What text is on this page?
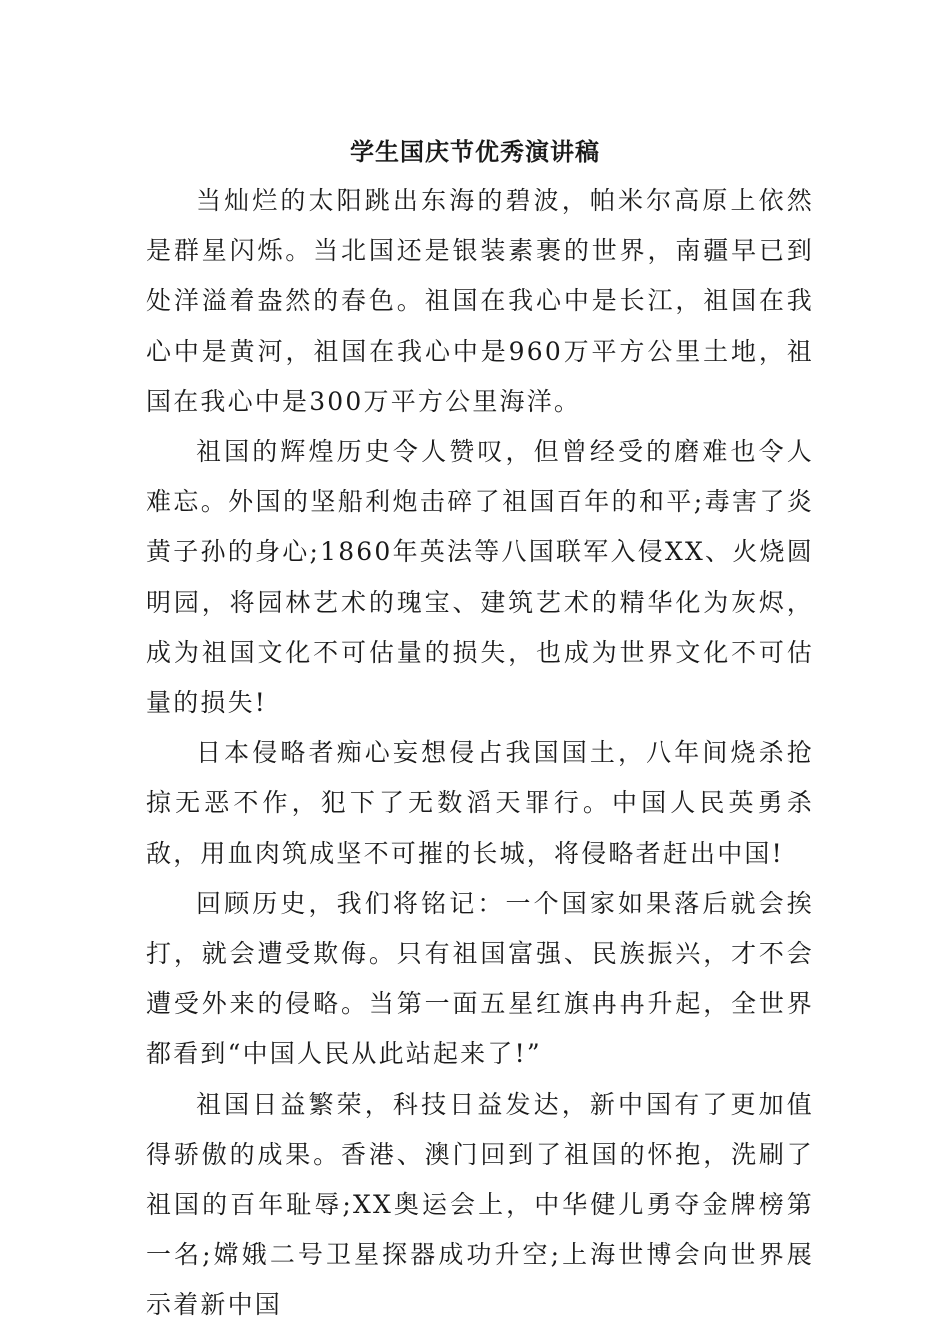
学生国庆节优秀演讲稿

当灿烂的太阳跳出东海的碧波，帕米尔高原上依然是群星闪烁。当北国还是银装素裹的世界，南疆早已到处洋溢着盎然的春色。祖国在我心中是长江，祖国在我心中是黄河，祖国在我心中是960万平方公里土地，祖国在我心中是300万平方公里海洋。

祖国的辉煌历史令人赞叹，但曾经受的磨难也令人难忘。外国的坚船利炮击碎了祖国百年的和平;毒害了炎黄子孙的身心;1860年英法等八国联军入侵XX、火烧圆明园，将园林艺术的瑰宝、建筑艺术的精华化为灰烬，成为祖国文化不可估量的损失，也成为世界文化不可估量的损失!

日本侵略者痴心妄想侵占我国国土，八年间烧杀抢掠无恶不作，犯下了无数滔天罪行。中国人民英勇杀敌，用血肉筑成坚不可摧的长城，将侵略者赶出中国!

回顾历史，我们将铭记：一个国家如果落后就会挨打，就会遭受欺侮。只有祖国富强、民族振兴，才不会遭受外来的侵略。当第一面五星红旗冉冉升起，全世界都看到“中国人民从此站起来了!”

祖国日益繁荣，科技日益发达，新中国有了更加值得骄傲的成果。香港、澳门回到了祖国的怀抱，洗刷了祖国的百年耻辱;XX奥运会上，中华健儿勇夺金牌榜第一名;嫦娥二号卫星探器成功升空;上海世博会向世界展示着新中国
